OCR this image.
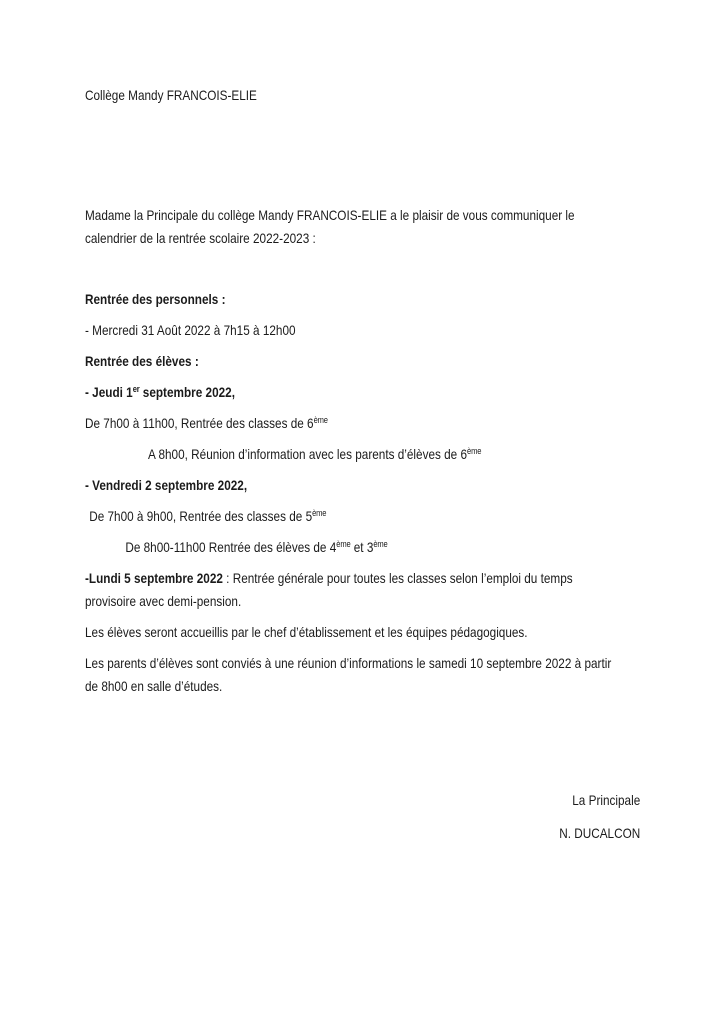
Collège Mandy FRANCOIS-ELIE

Madame la Principale du collège Mandy FRANCOIS-ELIE a le plaisir de vous communiquer le
calendrier de la rentrée scolaire 2022-2023 :

Rentrée des personnels :

- Mercredi 31 Août 2022 à 7h15 à 12h00

Rentrée des élèves :

- Jeudi 1er septembre 2022,

De 7h00 à 11h00, Rentrée des classes de 6ème

A 8h00, Réunion d’information avec les parents d’élèves de 6ème

- Vendredi 2 septembre 2022,

De 7h00 à 9h00, Rentrée des classes de 5ème

De 8h00-11h00 Rentrée des élèves de 4ème et 3ème

-Lundi 5 septembre 2022 : Rentrée générale pour toutes les classes selon l’emploi du temps
provisoire avec demi-pension.

Les élèves seront accueillis par le chef d’établissement et les équipes pédagogiques.

Les parents d’élèves sont conviés à une réunion d’informations le samedi 10 septembre 2022 à partir
de 8h00 en salle d’études.

La Principale

N. DUCALCON
